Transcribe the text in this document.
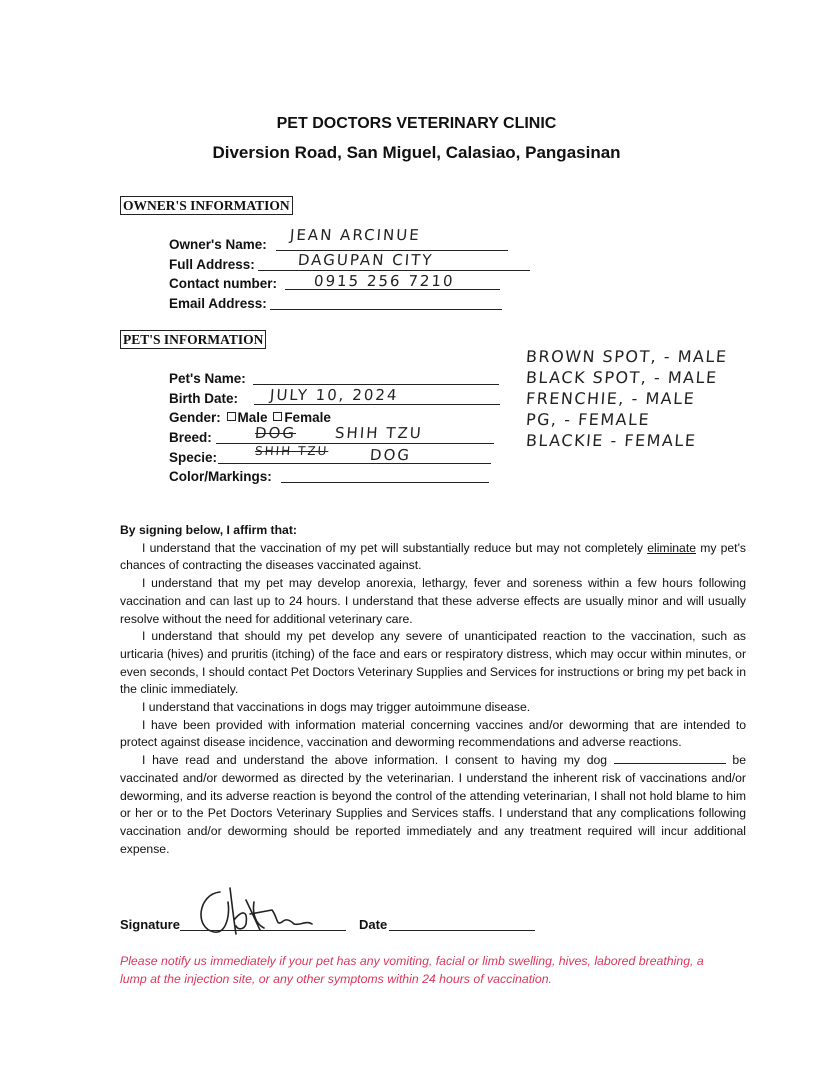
PET DOCTORS VETERINARY CLINIC
Diversion Road, San Miguel, Calasiao, Pangasinan
OWNER'S INFORMATION
Owner's Name:
JEAN ARCINUE
Full Address:	DAGUPAN CITY
Contact number: 0915 256 7210
Email Address:
PET'S INFORMATION
Pet's Name:
Birth Date: JULY 10, 2024
Gender: Male Female
Breed:	DOG	SHIH TZU
Specie:	SHIH TZU	DOG
Color/Markings:
BROWN SPOT, - MALE
BLACK SPOT, - MALE
FRENCHIE, - MALE
PG, - FEMALE
BLACKIE - FEMALE

By signing below, I affirm that:

I understand that the vaccination of my pet will substantially reduce but may not completely eliminate my pet's chances of contracting the diseases vaccinated against.

I understand that my pet may develop anorexia, lethargy, fever and soreness within a few hours following vaccination and can last up to 24 hours. I understand that these adverse effects are usually minor and will usually resolve without the need for additional veterinary care.

I understand that should my pet develop any severe of unanticipated reaction to the vaccination, such as urticaria (hives) and pruritis (itching) of the face and ears or respiratory distress, which may occur within minutes, or even seconds, I should contact Pet Doctors Veterinary Supplies and Services for instructions or bring my pet back in the clinic immediately.

I understand that vaccinations in dogs may trigger autoimmune disease.

I have been provided with information material concerning vaccines and/or deworming that are intended to protect against disease incidence, vaccination and deworming recommendations and adverse reactions.

I have read and understand the above information. I consent to having my dog	be vaccinated and/or dewormed as directed by the veterinarian. I understand the inherent risk of vaccinations and/or deworming, and its adverse reaction is beyond the control of the attending veterinarian, I shall not hold blame to him or her or to the Pet Doctors Veterinary Supplies and Services staffs. I understand that any complications following vaccination and/or deworming should be reported immediately and any treatment required will incur additional expense.

Signature	Date
Please notify us immediately if your pet has any vomiting, facial or limb swelling, hives, labored breathing, a lump at the injection site, or any other symptoms within 24 hours of vaccination.
